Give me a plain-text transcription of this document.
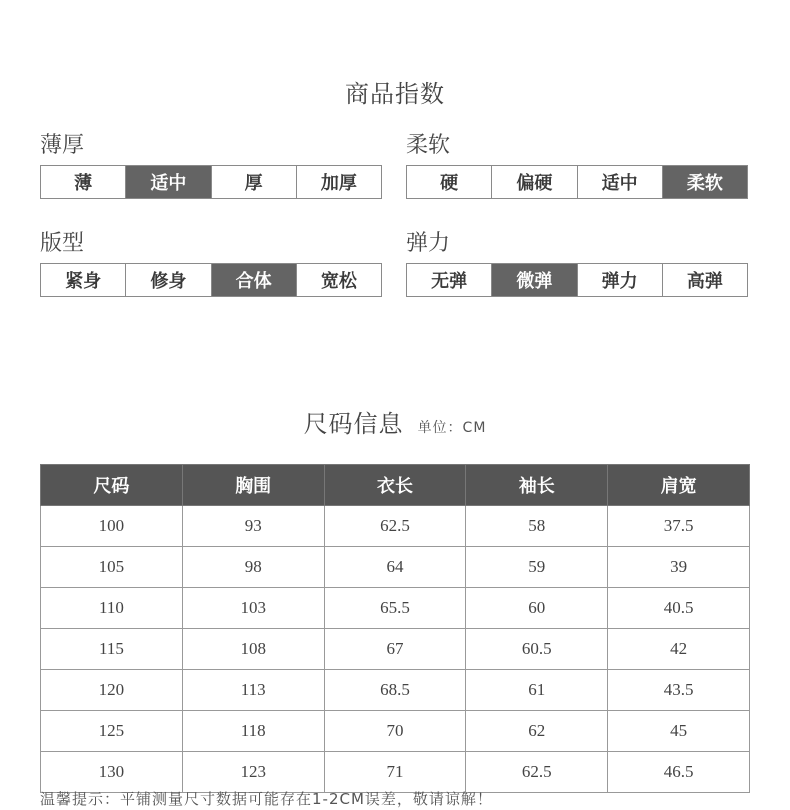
商品指数
薄厚
薄	适中	厚	加厚
柔软
硬	偏硬	适中	柔软
版型
紧身	修身	合体	宽松
弹力
无弹	微弹	弹力	高弹
尺码信息 单位：CM
尺码	胸围	衣长	袖长	肩宽
100	93	62.5	58	37.5
105	98	64	59	39
110	103	65.5	60	40.5
115	108	67	60.5	42
120	113	68.5	61	43.5
125	118	70	62	45
130	123	71	62.5	46.5
温馨提示：平铺测量尺寸数据可能存在1-2CM误差，敬请谅解！
